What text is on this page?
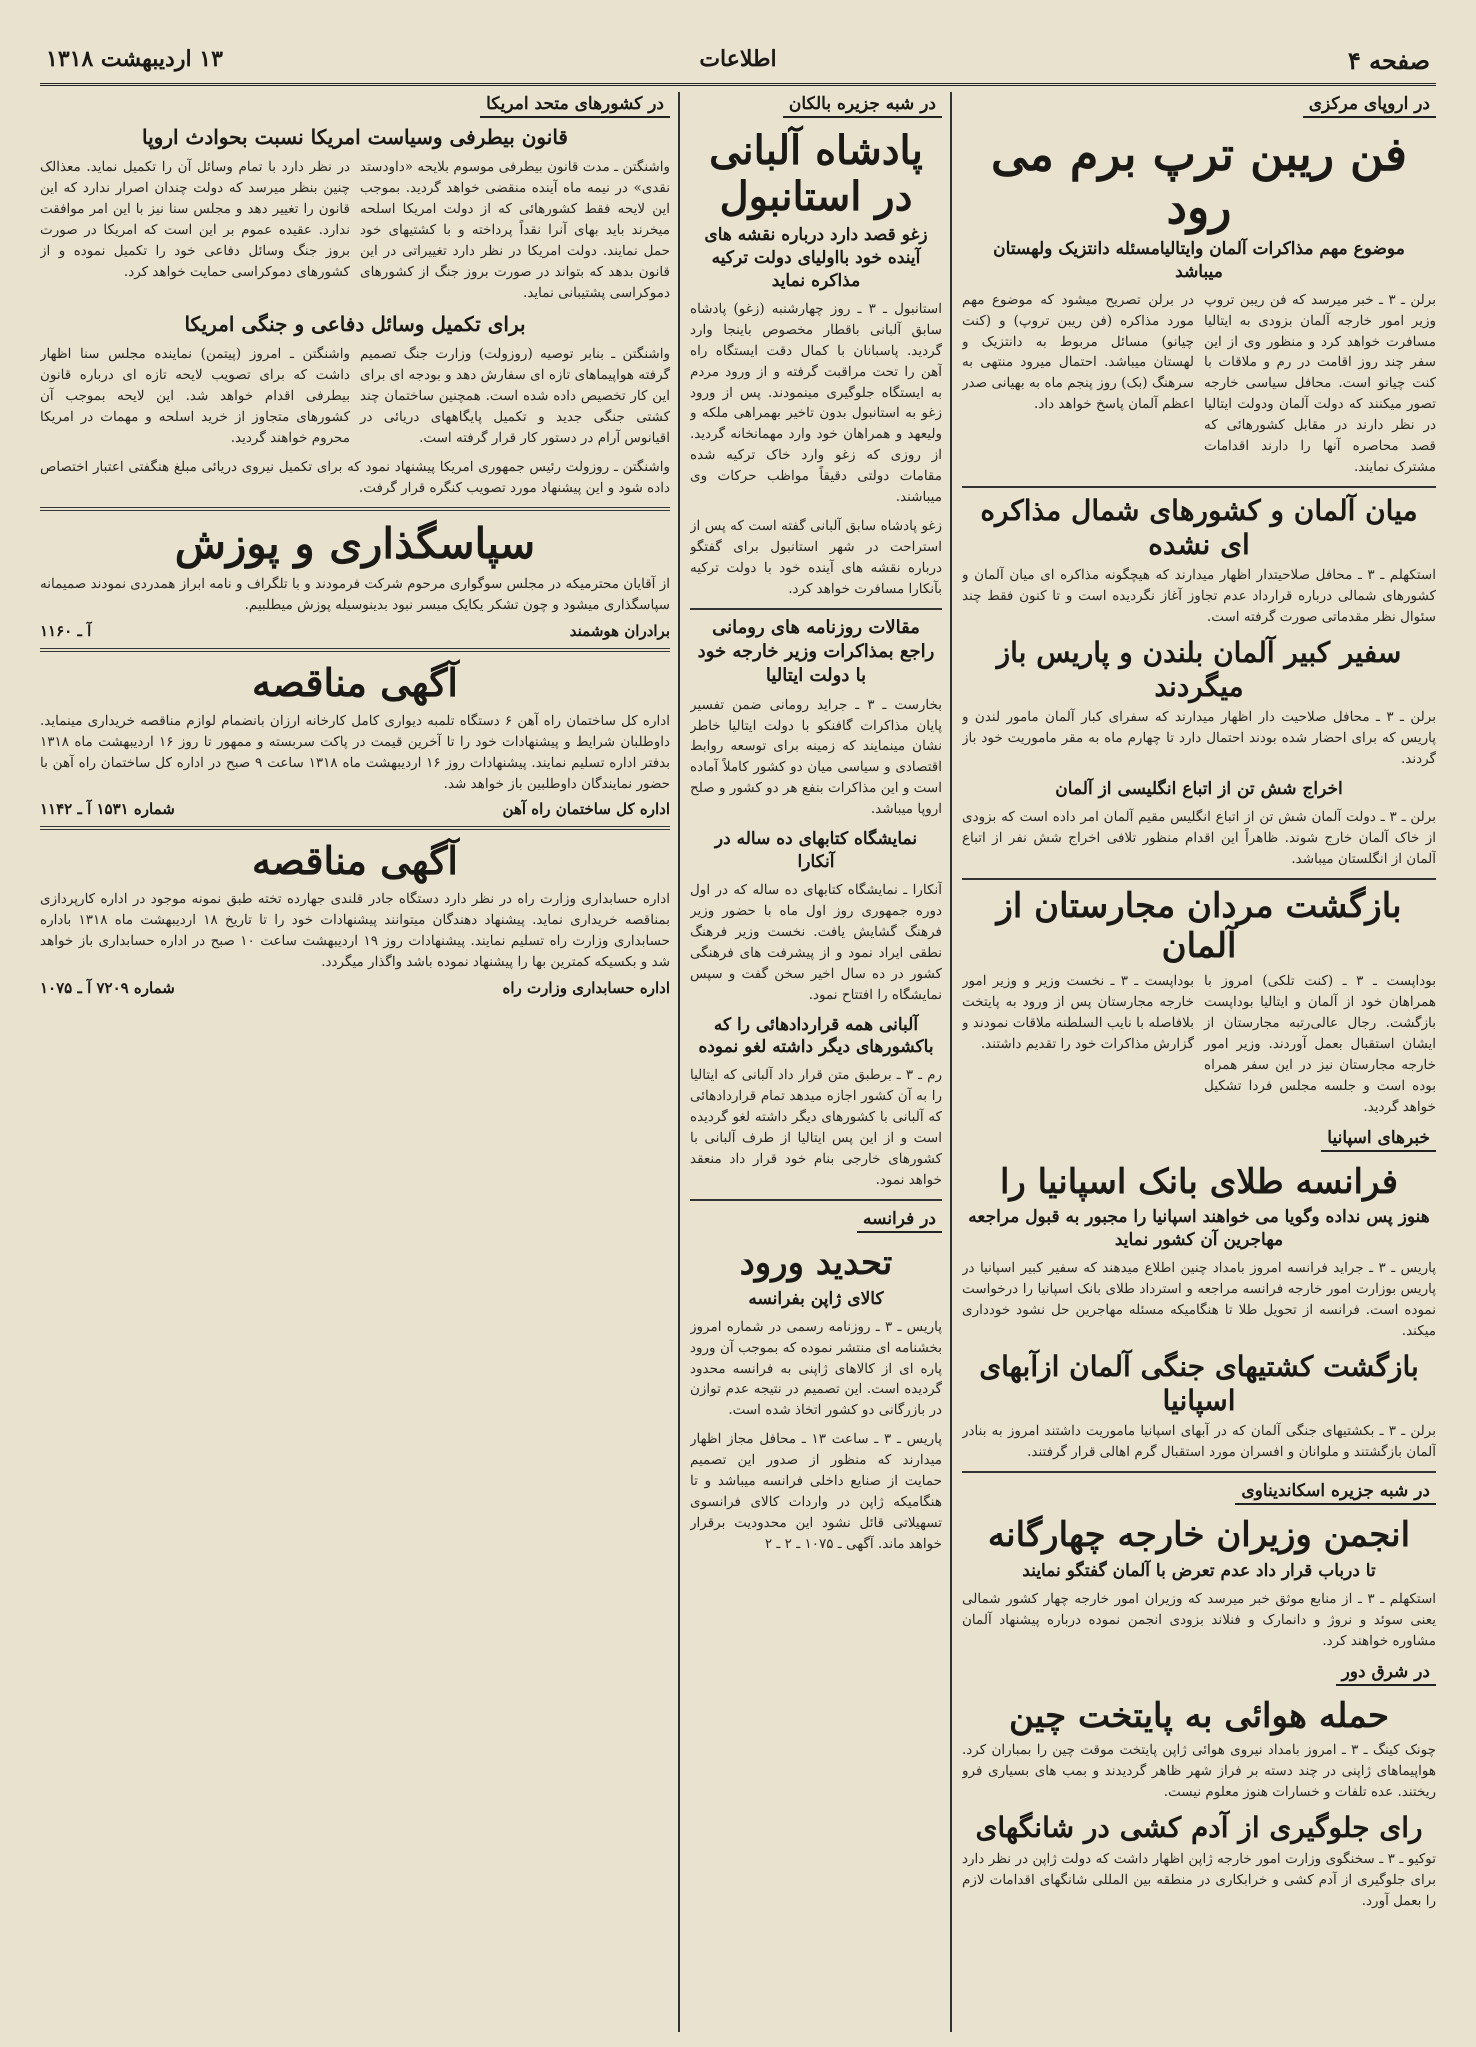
صفحه ۴
اطلاعات
۱۳ اردیبهشت ۱۳۱۸
در اروپای مرکزی
فن ریبن ترپ برم می رود
موضوع مهم مذاکرات آلمان وایتالیامسئله دانتزیک ولهستان میباشد

برلن ـ ۳ ـ خبر میرسد که فن ریبن تروپ وزیر امور خارجه آلمان بزودی به ایتالیا مسافرت خواهد کرد و منظور وی از این سفر چند روز اقامت در رم و ملاقات با کنت چیانو است. محافل سیاسی خارجه تصور میکنند که دولت آلمان ودولت ایتالیا در نظر دارند در مقابل کشورهائی که قصد محاصره آنها را دارند اقدامات مشترک نمایند.

در برلن تصریح میشود که موضوع مهم مورد مذاکره (فن ریبن تروپ) و (کنت چیانو) مسائل مربوط به دانتزیک و لهستان میباشد. احتمال میرود منتهی به سرهنگ (بک) روز پنجم ماه به بهیانی صدر اعظم آلمان پاسخ خواهد داد.

میان آلمان و کشورهای شمال مذاکره ای نشده

استکهلم ـ ۳ ـ محافل صلاحیتدار اظهار میدارند که هیچگونه مذاکره ای میان آلمان و کشورهای شمالی درباره قرارداد عدم تجاوز آغاز نگردیده است و تا کنون فقط چند سئوال نظر مقدماتی صورت گرفته است.

سفیر کبیر آلمان بلندن و پاریس باز میگردند

برلن ـ ۳ ـ محافل صلاحیت دار اظهار میدارند که سفرای کبار آلمان مامور لندن و پاریس که برای احضار شده بودند احتمال دارد تا چهارم ماه به مقر ماموریت خود باز گردند.

اخراج شش تن از اتباع انگلیسی از آلمان

برلن ـ ۳ ـ دولت آلمان شش تن از اتباع انگلیس مقیم آلمان امر داده است که بزودی از خاک آلمان خارج شوند. ظاهراً این اقدام منظور تلافی اخراج شش نفر از اتباع آلمان از انگلستان میباشد.

بازگشت مردان مجارستان از آلمان

بوداپست ـ ۳ ـ (کنت تلکی) امروز با همراهان خود از آلمان و ایتالیا بوداپست بازگشت. رجال عالی‌رتبه مجارستان از ایشان استقبال بعمل آوردند. وزیر امور خارجه مجارستان نیز در این سفر همراه بوده است و جلسه مجلس فردا تشکیل خواهد گردید.

بوداپست ـ ۳ ـ نخست وزیر و وزیر امور خارجه مجارستان پس از ورود به پایتخت بلافاصله با نایب السلطنه ملاقات نمودند و گزارش مذاکرات خود را تقدیم داشتند.

خبرهای اسپانیا
فرانسه طلای بانک اسپانیا را
هنوز پس نداده وگویا می خواهند اسپانیا را مجبور به قبول مراجعه مهاجرین آن کشور نماید

پاریس ـ ۳ ـ جراید فرانسه امروز بامداد چنین اطلاع میدهند که سفیر کبیر اسپانیا در پاریس بوزارت امور خارجه فرانسه مراجعه و استرداد طلای بانک اسپانیا را درخواست نموده است. فرانسه از تحویل طلا تا هنگامیکه مسئله مهاجرین حل نشود خودداری میکند.

بازگشت کشتیهای جنگی آلمان ازآبهای اسپانیا

برلن ـ ۳ ـ بکشتیهای جنگی آلمان که در آبهای اسپانیا ماموریت داشتند امروز به بنادر آلمان بازگشتند و ملوانان و افسران مورد استقبال گرم اهالی قرار گرفتند.

در شبه جزیره اسکاندیناوی
انجمن وزیران خارجه چهارگانه
تا درباب قرار داد عدم تعرض با آلمان گفتگو نمایند

استکهلم ـ ۳ ـ از منابع موثق خبر میرسد که وزیران امور خارجه چهار کشور شمالی یعنی سوئد و نروژ و دانمارک و فنلاند بزودی انجمن نموده درباره پیشنهاد آلمان مشاوره خواهند کرد.

در شرق دور
حمله هوائی به پایتخت چین

چونک کینگ ـ ۳ ـ امروز بامداد نیروی هوائی ژاپن پایتخت موقت چین را بمباران کرد. هواپیماهای ژاپنی در چند دسته بر فراز شهر ظاهر گردیدند و بمب های بسیاری فرو ریختند. عده تلفات و خسارات هنوز معلوم نیست.

رای جلوگیری از آدم کشی در شانگهای

توکیو ـ ۳ ـ سخنگوی وزارت امور خارجه ژاپن اظهار داشت که دولت ژاپن در نظر دارد برای جلوگیری از آدم کشی و خرابکاری در منطقه بین المللی شانگهای اقدامات لازم را بعمل آورد.

در شبه جزیره بالکان
پادشاه آلبانی در استانبول
زغو قصد دارد درباره نقشه های آینده خود بااولیای دولت ترکیه مذاکره نماید

استانبول ـ ۳ ـ روز چهارشنبه (زغو) پادشاه سابق آلبانی باقطار مخصوص باینجا وارد گردید. پاسبانان با کمال دقت ایستگاه راه آهن را تحت مراقبت گرفته و از ورود مردم به ایستگاه جلوگیری مینمودند. پس از ورود زغو به استانبول بدون تاخیر بهمراهی ملکه و ولیعهد و همراهان خود وارد مهمانخانه گردید. از روزی که زغو وارد خاک ترکیه شده مقامات دولتی دقیقاً مواظب حرکات وی میباشند.

زغو پادشاه سابق آلبانی گفته است که پس از استراحت در شهر استانبول برای گفتگو درباره نقشه های آینده خود با دولت ترکیه بآنکارا مسافرت خواهد کرد.

مقالات روزنامه های رومانی راجع بمذاکرات وزیر خارجه خود با دولت ایتالیا

بخارست ـ ۳ ـ جراید رومانی ضمن تفسیر پایان مذاکرات گافنکو با دولت ایتالیا خاطر نشان مینمایند که زمینه برای توسعه روابط اقتصادی و سیاسی میان دو کشور کاملاً آماده است و این مذاکرات بنفع هر دو کشور و صلح اروپا میباشد.

نمایشگاه کتابهای ده ساله در آنکارا

آنکارا ـ نمایشگاه کتابهای ده ساله که در اول دوره جمهوری روز اول ماه با حضور وزیر فرهنگ گشایش یافت. نخست وزیر فرهنگ نطقی ایراد نمود و از پیشرفت های فرهنگی کشور در ده سال اخیر سخن گفت و سپس نمایشگاه را افتتاح نمود.

آلبانی همه قراردادهائی را که باکشورهای دیگر داشته لغو نموده

رم ـ ۳ ـ برطبق متن قرار داد آلبانی که ایتالیا را به آن کشور اجازه میدهد تمام قراردادهائی که آلبانی با کشورهای دیگر داشته لغو گردیده است و از این پس ایتالیا از طرف آلبانی با کشورهای خارجی بنام خود قرار داد منعقد خواهد نمود.

در فرانسه
تحدید ورود
کالای ژاپن بفرانسه

پاریس ـ ۳ ـ روزنامه رسمی در شماره امروز بخشنامه ای منتشر نموده که بموجب آن ورود پاره ای از کالاهای ژاپنی به فرانسه محدود گردیده است. این تصمیم در نتیجه عدم توازن در بازرگانی دو کشور اتخاذ شده است.

پاریس ـ ۳ ـ ساعت ۱۳ ـ محافل مجاز اظهار میدارند که منظور از صدور این تصمیم حمایت از صنایع داخلی فرانسه میباشد و تا هنگامیکه ژاپن در واردات کالای فرانسوی تسهیلاتی قائل نشود این محدودیت برقرار خواهد ماند. آگهی ـ ۱۰۷۵ ـ ۲ ـ ۲

در کشورهای متحد امریکا
قانون بیطرفی وسیاست امریکا نسبت بحوادث اروپا

واشنگتن ـ مدت قانون بیطرفی موسوم بلایحه «داودستد نقدی» در نیمه ماه آینده منقضی خواهد گردید. بموجب این لایحه فقط کشورهائی که از دولت امریکا اسلحه میخرند باید بهای آنرا نقداً پرداخته و با کشتیهای خود حمل نمایند. دولت امریکا در نظر دارد تغییراتی در این قانون بدهد که بتواند در صورت بروز جنگ از کشورهای دموکراسی پشتیبانی نماید.

در نظر دارد با تمام وسائل آن را تکمیل نماید. معذالک چنین بنظر میرسد که دولت چندان اصرار ندارد که این قانون را تغییر دهد و مجلس سنا نیز با این امر موافقت ندارد. عقیده عموم بر این است که امریکا در صورت بروز جنگ وسائل دفاعی خود را تکمیل نموده و از کشورهای دموکراسی حمایت خواهد کرد.

برای تکمیل وسائل دفاعی و جنگی امریکا

واشنگتن ـ بنابر توصیه (روزولت) وزارت جنگ تصمیم گرفته هواپیماهای تازه ای سفارش دهد و بودجه ای برای این کار تخصیص داده شده است. همچنین ساختمان چند کشتی جنگی جدید و تکمیل پایگاههای دریائی در اقیانوس آرام در دستور کار قرار گرفته است.

واشنگتن ـ امروز (پیتمن) نماینده مجلس سنا اظهار داشت که برای تصویب لایحه تازه ای درباره قانون بیطرفی اقدام خواهد شد. این لایحه بموجب آن کشورهای متجاوز از خرید اسلحه و مهمات در امریکا محروم خواهند گردید.

واشنگتن ـ روزولت رئیس جمهوری امریکا پیشنهاد نمود که برای تکمیل نیروی دریائی مبلغ هنگفتی اعتبار اختصاص داده شود و این پیشنهاد مورد تصویب کنگره قرار گرفت.

سپاسگذاری و پوزش

از آقایان محترمیکه در مجلس سوگواری مرحوم شرکت فرمودند و با تلگراف و نامه ابراز همدردی نمودند صمیمانه سپاسگذاری میشود و چون تشکر یکایک میسر نبود بدینوسیله پوزش میطلبیم.

برادران هوشمند
آ ـ ۱۱۶۰
آگهی مناقصه

اداره کل ساختمان راه آهن ۶ دستگاه تلمبه دیواری کامل کارخانه ارزان بانضمام لوازم مناقصه خریداری مینماید. داوطلبان شرایط و پیشنهادات خود را تا آخرین قیمت در پاکت سربسته و ممهور تا روز ۱۶ اردیبهشت ماه ۱۳۱۸ بدفتر اداره تسلیم نمایند. پیشنهادات روز ۱۶ اردیبهشت ماه ۱۳۱۸ ساعت ۹ صبح در اداره کل ساختمان راه آهن با حضور نمایندگان داوطلبین باز خواهد شد.

اداره کل ساختمان راه آهن
شماره ۱۵۳۱ آ ـ ۱۱۴۲
آگهی مناقصه

اداره حسابداری وزارت راه در نظر دارد دستگاه جادر قلندی جهارده تخته طبق نمونه موجود در اداره کارپردازی بمناقصه خریداری نماید. پیشنهاد دهندگان میتوانند پیشنهادات خود را تا تاریخ ۱۸ اردیبهشت ماه ۱۳۱۸ باداره حسابداری وزارت راه تسلیم نمایند. پیشنهادات روز ۱۹ اردیبهشت ساعت ۱۰ صبح در اداره حسابداری باز خواهد شد و بکسیکه کمترین بها را پیشنهاد نموده باشد واگذار میگردد.

اداره حسابداری وزارت راه
شماره ۷۲۰۹ آ ـ ۱۰۷۵
